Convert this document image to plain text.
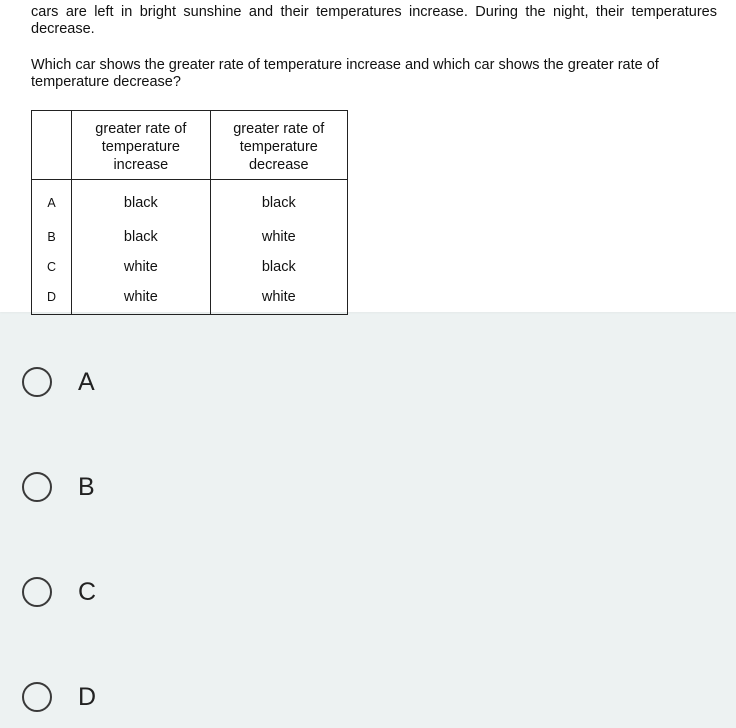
cars are left in bright sunshine and their temperatures increase. During the night, their temperatures decrease.

Which car shows the greater rate of temperature increase and which car shows the greater rate of temperature decrease?

	greater rate of
temperature
increase	greater rate of
temperature
decrease

A	black	black
B	black	white
C	white	black
D	white	white
A
B
C
D
